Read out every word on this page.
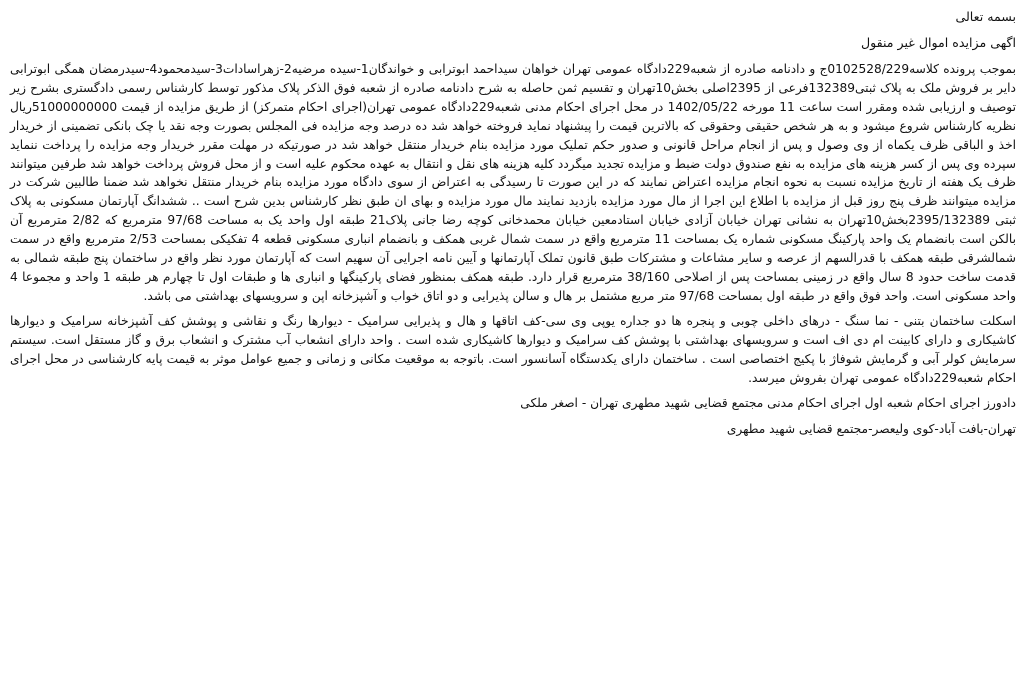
بسمه تعالی

اگهی مزایده اموال غیر منقول

بموجب پرونده کلاسه0102528/229ج و دادنامه صادره از شعبه229دادگاه عمومی تهران خواهان سیداحمد ابوترابی و خواندگان1-سیده مرضیه2-زهراسادات3-سیدمحمود4-سیدرمضان همگی ابوترابی دایر بر فروش ملک به پلاک ثبتی132389فرعی از 2395اصلی بخش10تهران و تقسیم ثمن حاصله به شرح دادنامه صادره از شعبه فوق الذکر پلاک مذکور توسط کارشناس رسمی دادگستری بشرح زیر توصیف و ارزیابی شده ومقرر است ساعت 11 مورخه 1402/05/22 در محل اجرای احکام مدنی شعبه229دادگاه عمومی تهران(اجرای احکام متمرکز) از طریق مزایده از قیمت 51000000000ریال نظریه کارشناس شروع میشود و به هر شخص حقیقی وحقوقی که بالاترین قیمت را پیشنهاد نماید فروخته خواهد شد ده درصد وجه مزایده فی المجلس بصورت وجه نقد یا چک بانکی تضمینی از خریدار اخذ و الباقی ظرف یکماه از وی وصول و پس از انجام مراحل قانونی و صدور حکم تملیک مورد مزایده بنام خریدار منتقل خواهد شد در صورتیکه در مهلت مقرر خریدار وجه مزایده را پرداخت ننماید سپرده وی پس از کسر هزینه های مزایده به نفع صندوق دولت ضبط و مزایده تجدید میگردد کلیه هزینه های نقل و انتقال به عهده محکوم علیه است و از محل فروش پرداخت خواهد شد طرفین میتوانند ظرف یک هفته از تاریخ مزایده نسبت به نحوه انجام مزایده اعتراض نمایند که در این صورت تا رسیدگی به اعتراض از سوی دادگاه مورد مزایده بنام خریدار منتقل نخواهد شد ضمنا طالبین شرکت در مزایده میتوانند ظرف پنج روز قبل از مزایده با اطلاع این اجرا از مال مورد مزایده بازدید نمایند مال مورد مزایده و بهای ان طبق نظر کارشناس بدین شرح است .. ششدانگ آپارتمان مسکونی به پلاک ثبتی 2395/132389بخش10تهران به نشانی تهران خیابان آزادی خیابان استادمعین خیابان محمدخانی کوچه رضا جانی پلاک21 طبقه اول واحد یک به مساحت 97/68 مترمربع که 2/82 مترمربع آن بالکن است بانضمام یک واحد پارکینگ مسکونی شماره یک بمساحت 11 مترمربع واقع در سمت شمال غربی همکف و بانضمام انباری مسکونی قطعه 4 تفکیکی بمساحت 2/53 مترمربع واقع در سمت شمالشرقی طبقه همکف با قدرالسهم از عرصه و سایر مشاعات و مشترکات طبق قانون تملک آپارتمانها و آیین نامه اجرایی آن سهیم است که آپارتمان مورد نظر واقع در ساختمان پنج طبقه شمالی به قدمت ساخت حدود 8 سال واقع در زمینی بمساحت پس از اصلاحی 38/160 مترمربع قرار دارد. طبقه همکف بمنظور فضای پارکینگها و انباری ها و طبقات اول تا چهارم هر طبقه 1 واحد و مجموعا 4 واحد مسکونی است. واحد فوق واقع در طبقه اول بمساحت 97/68 متر مربع مشتمل بر هال و سالن پذیرایی و دو اتاق خواب و آشپزخانه اپن و سرویسهای بهداشتی می باشد.

اسکلت ساختمان بتنی - نما سنگ - درهای داخلی چوبی و پنجره ها دو جداره یوپی وی سی-کف اتاقها و هال و پذیرایی سرامیک - دیوارها رنگ و نقاشی و پوشش کف آشپزخانه سرامیک و دیوارها کاشیکاری و دارای کابینت ام دی اف است و سرویسهای بهداشتی با پوشش کف سرامیک و دیوارها کاشیکاری شده است . واحد دارای انشعاب آب مشترک و انشعاب برق و گاز مستقل است. سیستم سرمایش کولر آبی و گرمایش شوفاژ با پکیج اختصاصی است . ساختمان دارای یکدستگاه آسانسور است. باتوجه به موقعیت مکانی و زمانی و جمیع عوامل موثر به قیمت پایه کارشناسی در محل اجرای احکام شعبه229دادگاه عمومی تهران بفروش میرسد.

دادورز اجرای احکام شعبه اول اجرای احکام مدنی مجتمع قضایی شهید مطهری تهران - اصغر ملکی

تهران-بافت آباد-کوی ولیعصر-مجتمع قضایی شهید مطهری
